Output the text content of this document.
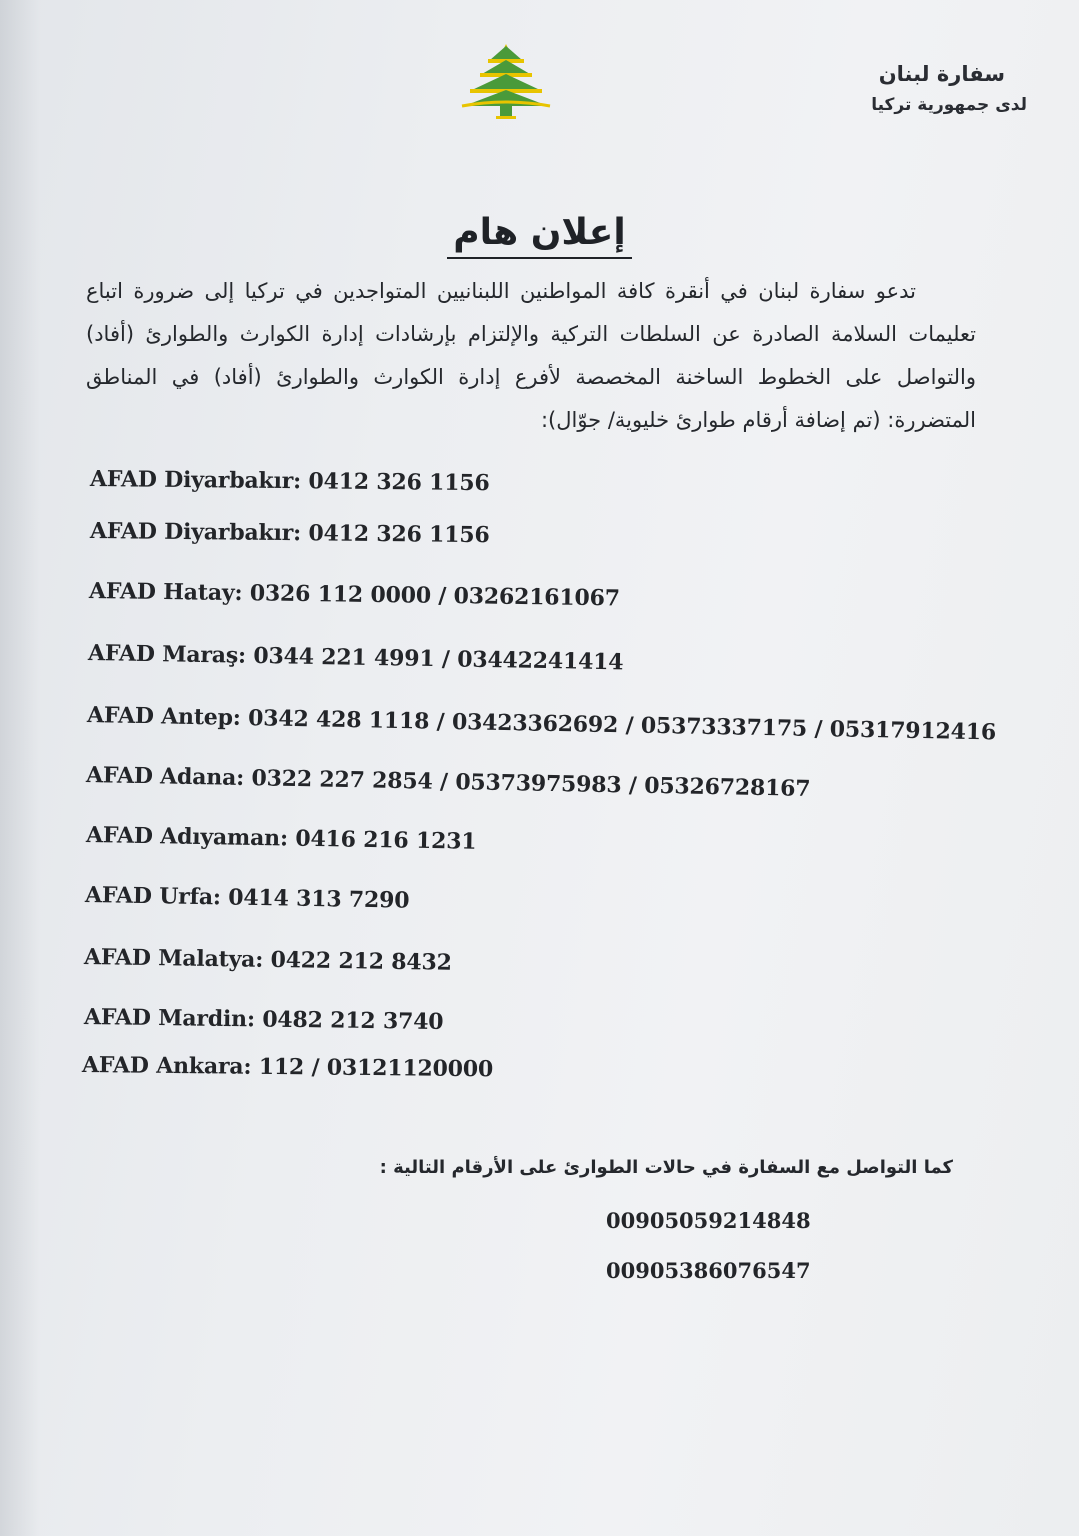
سفارة لبنان
لدى جمهورية تركيا
إعلان هام
تدعو سفارة لبنان في أنقرة كافة المواطنين اللبنانيين المتواجدين في تركيا إلى ضرورة اتباع تعليمات السلامة الصادرة عن السلطات التركية والإلتزام بإرشادات إدارة الكوارث والطوارئ (أفاد) والتواصل على الخطوط الساخنة المخصصة لأفرع إدارة الكوارث والطوارئ (أفاد) في المناطق المتضررة: (تم إضافة أرقام طوارئ خليوية/ جوّال):
AFAD Diyarbakır: 0412 326 1156
AFAD Diyarbakır: 0412 326 1156
AFAD Hatay: 0326 112 0000 / 03262161067
AFAD Maraş: 0344 221 4991 / 03442241414
AFAD Antep: 0342 428 1118 / 03423362692 / 05373337175 / 05317912416
AFAD Adana: 0322 227 2854 / 05373975983 / 05326728167
AFAD Adıyaman: 0416 216 1231
AFAD Urfa: 0414 313 7290
AFAD Malatya: 0422 212 8432
AFAD Mardin: 0482 212 3740
AFAD Ankara: 112 / 03121120000
كما التواصل مع السفارة في حالات الطوارئ على الأرقام التالية :
00905059214848
00905386076547
